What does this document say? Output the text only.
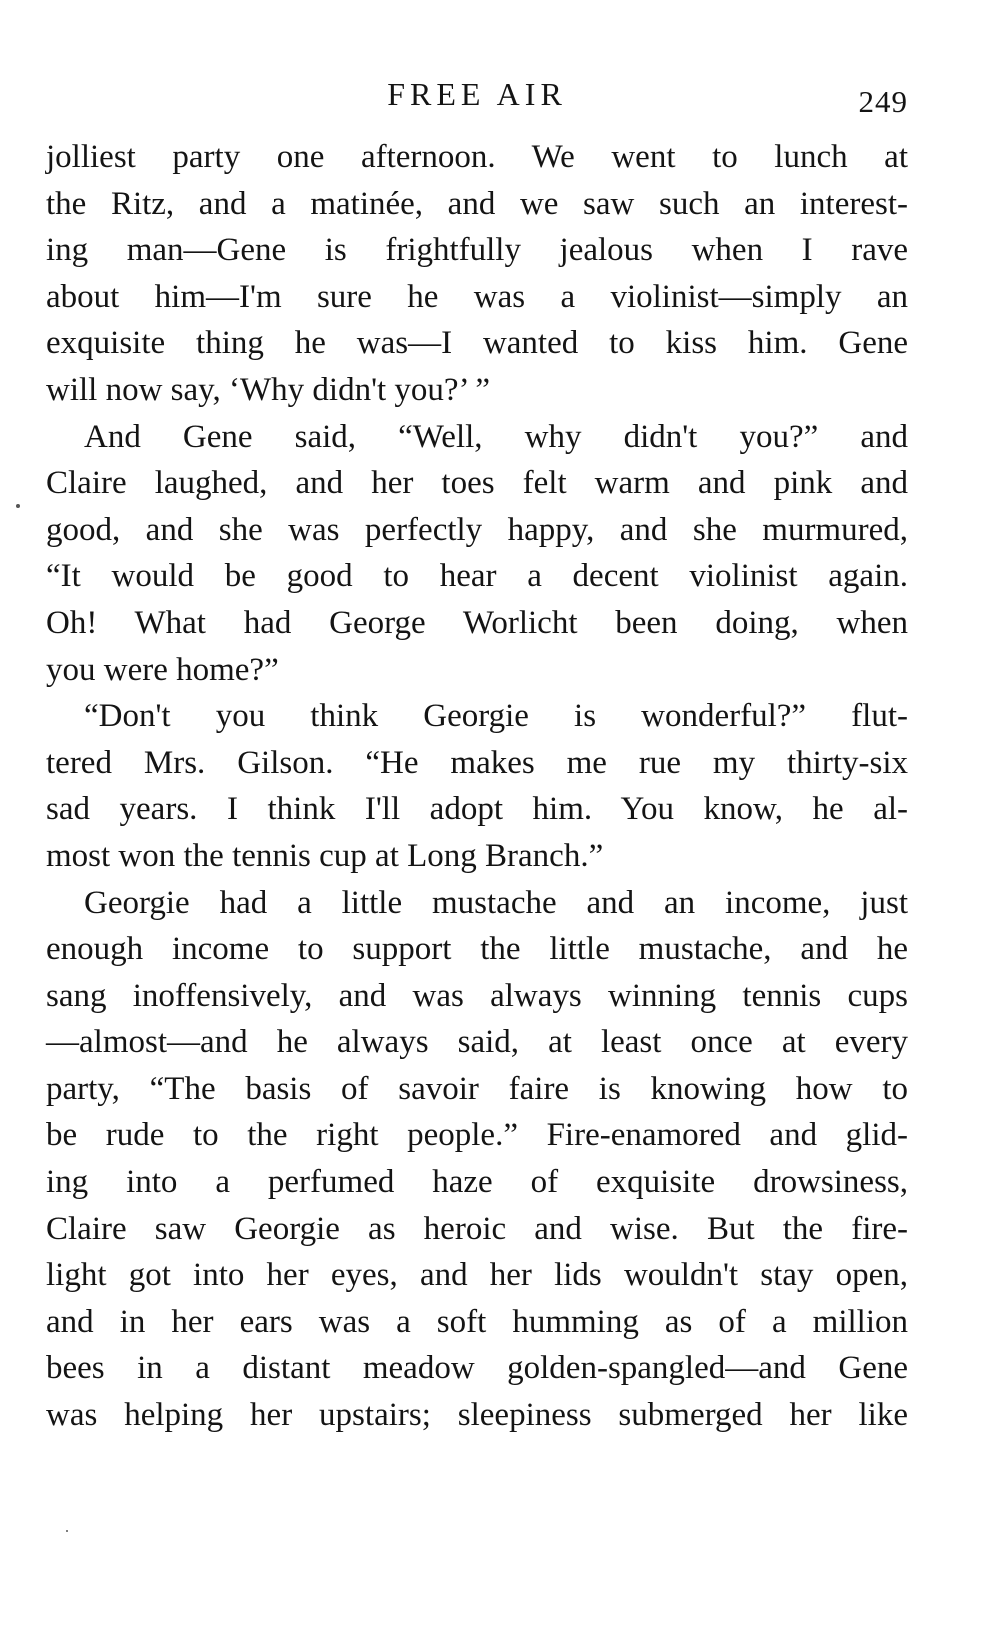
FREE AIR	249
jolliest party one afternoon. We went to lunch at
the Ritz, and a matinée, and we saw such an interest-
ing man—Gene is frightfully jealous when I rave
about him—I'm sure he was a violinist—simply an
exquisite thing he was—I wanted to kiss him. Gene
will now say, ‘Why didn't you?’ ”
And Gene said, “Well, why didn't you?” and
Claire laughed, and her toes felt warm and pink and
good, and she was perfectly happy, and she murmured,
“It would be good to hear a decent violinist again.
Oh! What had George Worlicht been doing, when
you were home?”
“Don't you think Georgie is wonderful?” flut-
tered Mrs. Gilson. “He makes me rue my thirty-six
sad years. I think I'll adopt him. You know, he al-
most won the tennis cup at Long Branch.”
Georgie had a little mustache and an income, just
enough income to support the little mustache, and he
sang inoffensively, and was always winning tennis cups
—almost—and he always said, at least once at every
party, “The basis of savoir faire is knowing how to
be rude to the right people.” Fire-enamored and glid-
ing into a perfumed haze of exquisite drowsiness,
Claire saw Georgie as heroic and wise. But the fire-
light got into her eyes, and her lids wouldn't stay open,
and in her ears was a soft humming as of a million
bees in a distant meadow golden-spangled—and Gene
was helping her upstairs; sleepiness submerged her like
